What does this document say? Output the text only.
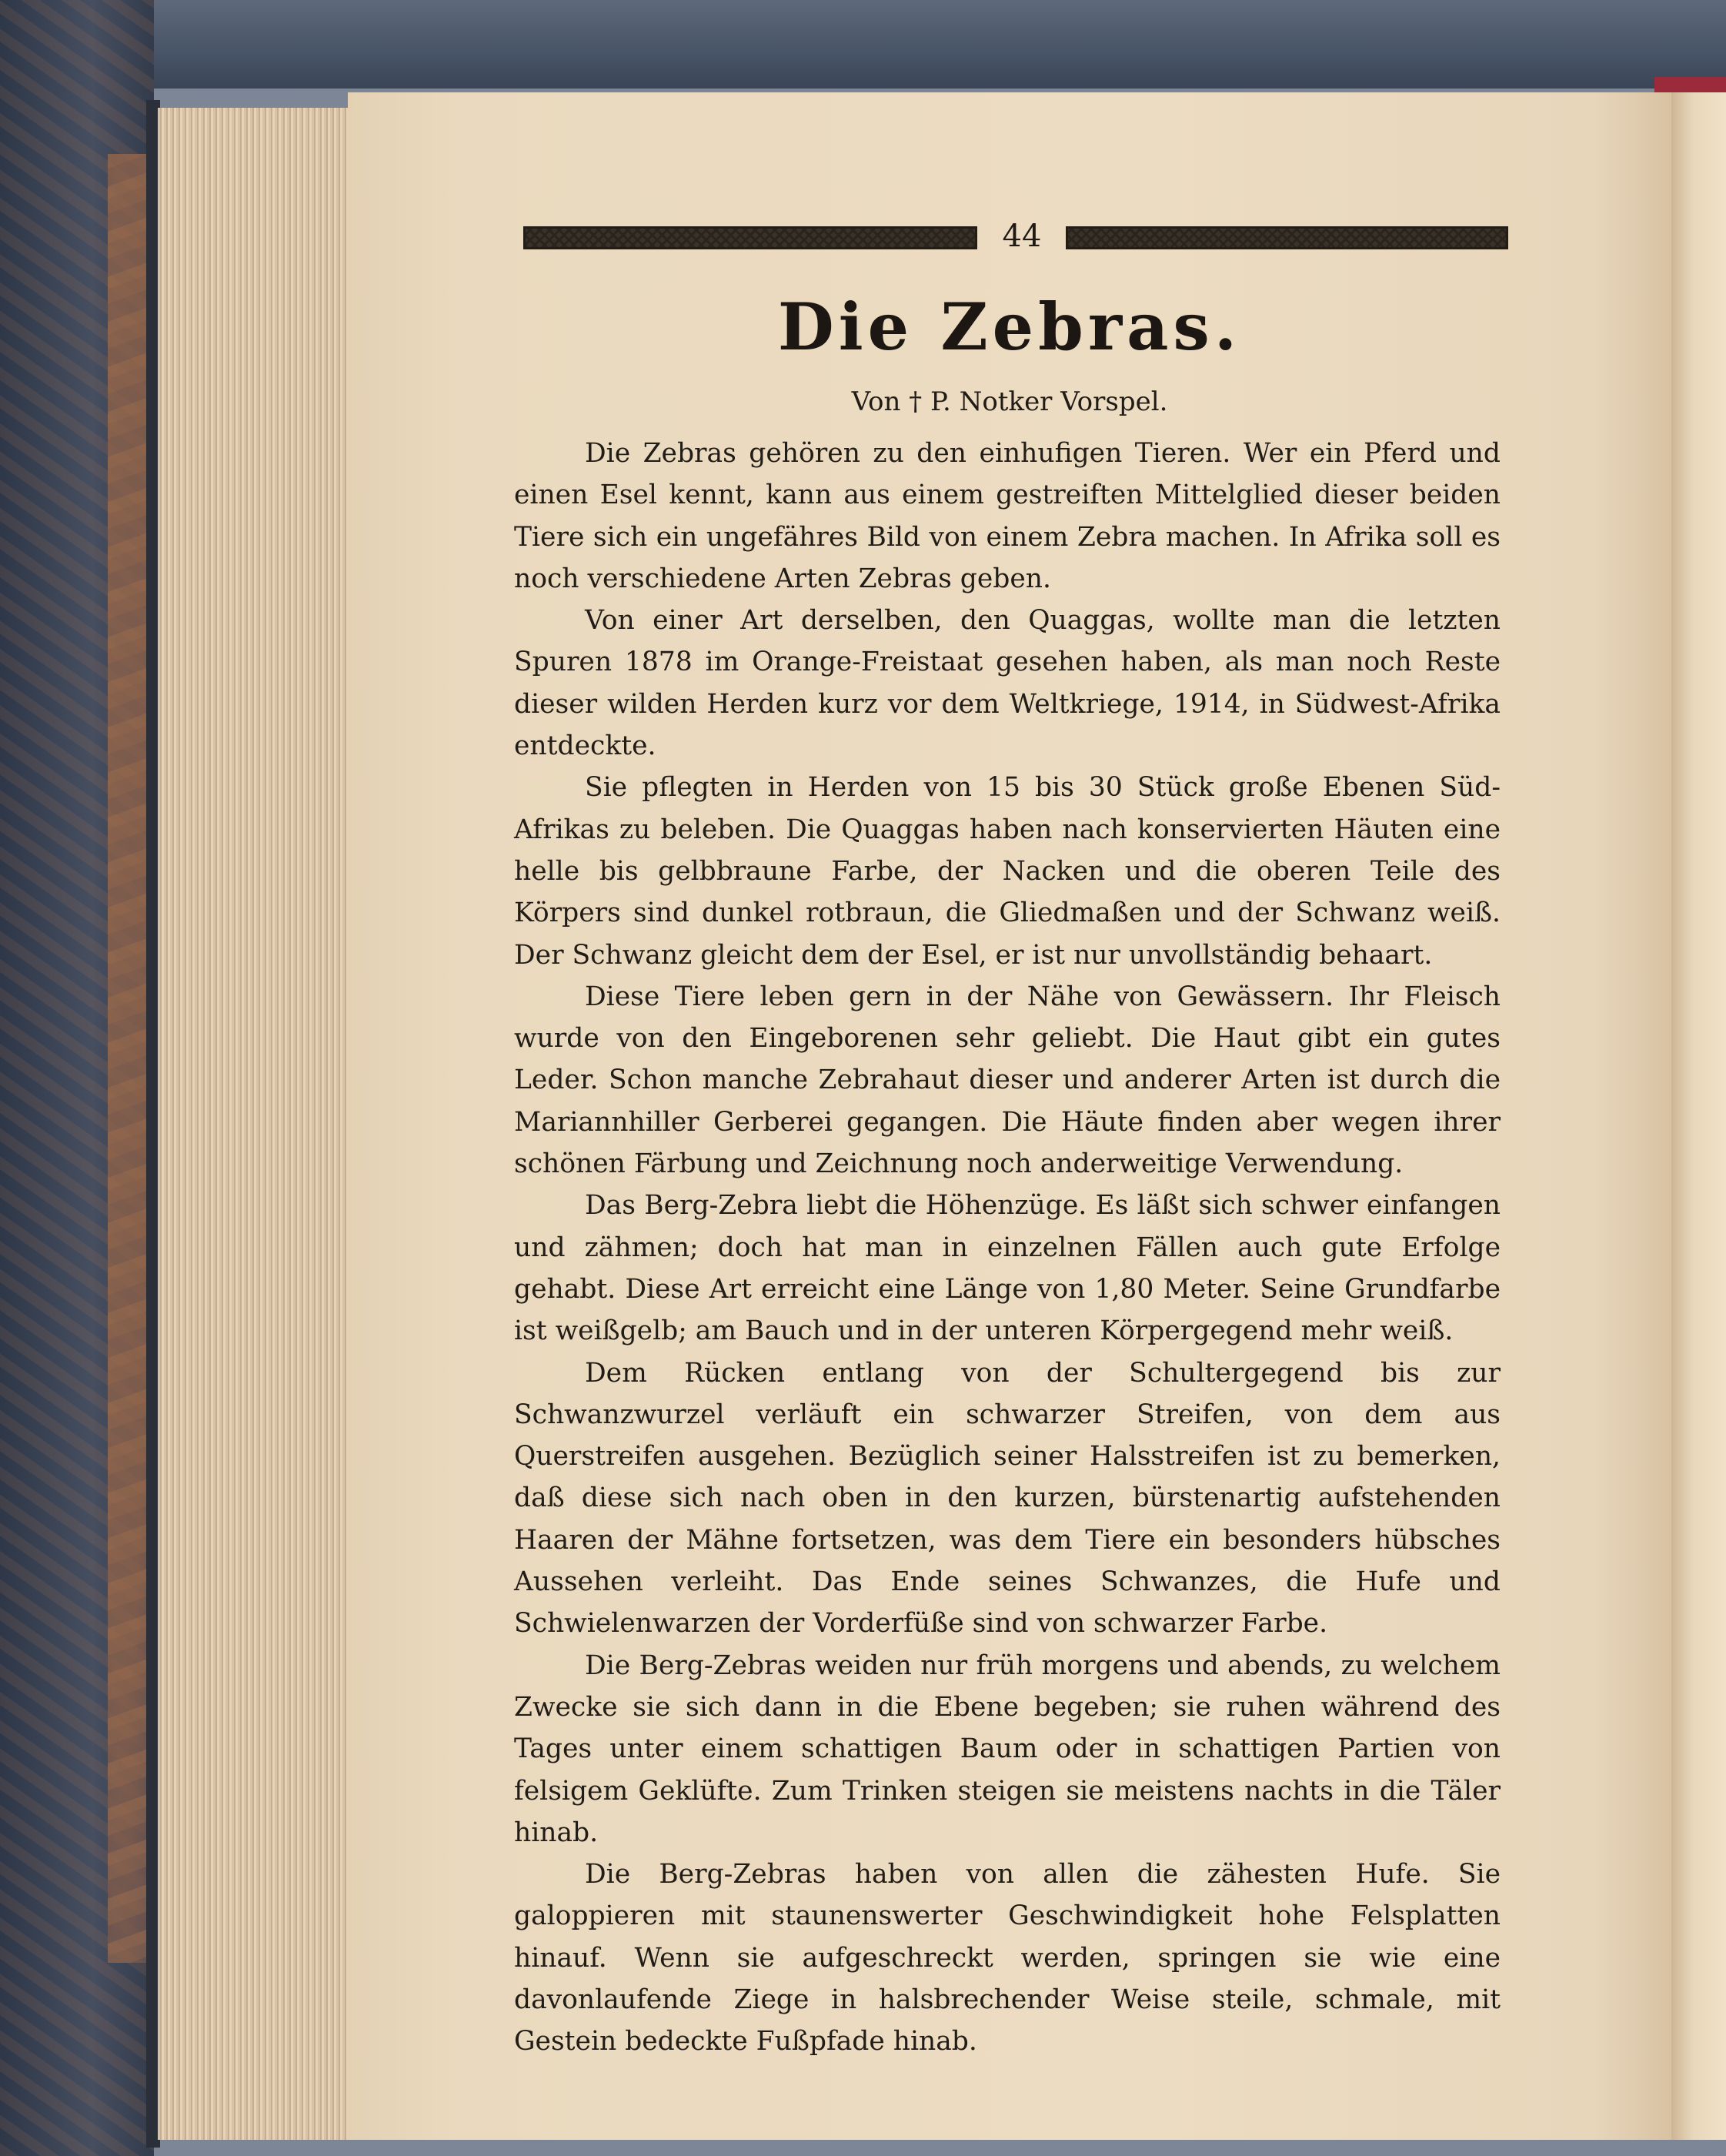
44
Die Zebras.
Von † P. Notker Vorspel.

Die Zebras gehören zu den einhufigen Tieren. Wer ein Pferd und einen Esel kennt, kann aus einem gestreiften Mittelglied dieser beiden Tiere sich ein ungefähres Bild von einem Zebra machen. In Afrika soll es noch verschiedene Arten Zebras geben.

Von einer Art derselben, den Quaggas, wollte man die letzten Spuren 1878 im Orange-Freistaat gesehen haben, als man noch Reste dieser wilden Herden kurz vor dem Weltkriege, 1914, in Südwest-Afrika entdeckte.

Sie pflegten in Herden von 15 bis 30 Stück große Ebenen Süd-Afrikas zu beleben. Die Quaggas haben nach konservierten Häuten eine helle bis gelbbraune Farbe, der Nacken und die oberen Teile des Körpers sind dunkel rotbraun, die Gliedmaßen und der Schwanz weiß. Der Schwanz gleicht dem der Esel, er ist nur unvollständig behaart.

Diese Tiere leben gern in der Nähe von Gewässern. Ihr Fleisch wurde von den Eingeborenen sehr geliebt. Die Haut gibt ein gutes Leder. Schon manche Zebrahaut dieser und anderer Arten ist durch die Mariannhiller Gerberei gegangen. Die Häute finden aber wegen ihrer schönen Färbung und Zeichnung noch anderweitige Verwendung.

Das Berg-Zebra liebt die Höhenzüge. Es läßt sich schwer einfangen und zähmen; doch hat man in einzelnen Fällen auch gute Erfolge gehabt. Diese Art erreicht eine Länge von 1,80 Meter. Seine Grundfarbe ist weißgelb; am Bauch und in der unteren Körpergegend mehr weiß.

Dem Rücken entlang von der Schultergegend bis zur Schwanzwurzel verläuft ein schwarzer Streifen, von dem aus Querstreifen ausgehen. Bezüglich seiner Halsstreifen ist zu bemerken, daß diese sich nach oben in den kurzen, bürstenartig aufstehenden Haaren der Mähne fortsetzen, was dem Tiere ein besonders hübsches Aussehen verleiht. Das Ende seines Schwanzes, die Hufe und Schwielenwarzen der Vorderfüße sind von schwarzer Farbe.

Die Berg-Zebras weiden nur früh morgens und abends, zu welchem Zwecke sie sich dann in die Ebene begeben; sie ruhen während des Tages unter einem schattigen Baum oder in schattigen Partien von felsigem Geklüfte. Zum Trinken steigen sie meistens nachts in die Täler hinab.

Die Berg-Zebras haben von allen die zähesten Hufe. Sie galoppieren mit staunenswerter Geschwindigkeit hohe Felsplatten hinauf. Wenn sie aufgeschreckt werden, springen sie wie eine davonlaufende Ziege in halsbrechender Weise steile, schmale, mit Gestein bedeckte Fußpfade hinab.
